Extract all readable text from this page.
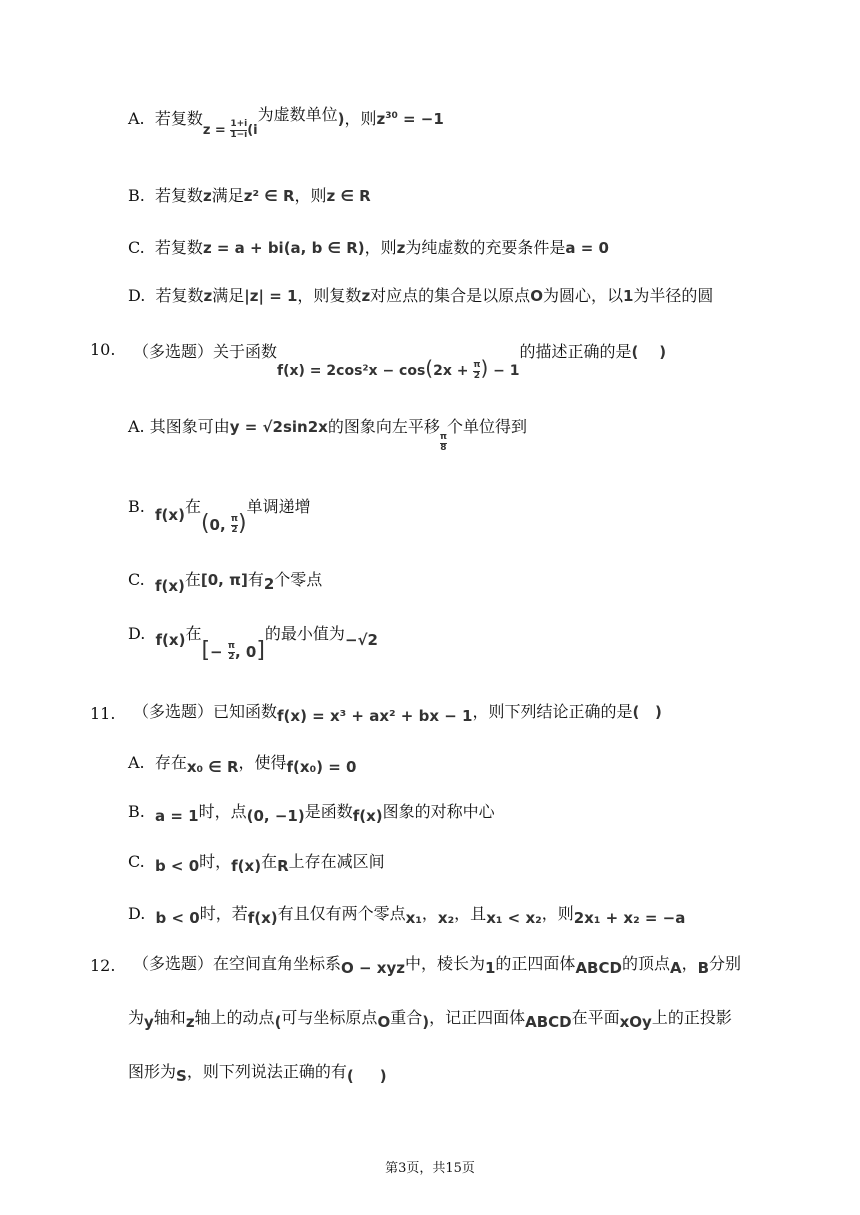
A.  若复数$_{z = \frac{1+i}{1-i} (i}$为虚数单位)，则$z^{30} = -1$
B.  若复数z满足z² ∈ R，则z ∈ R
C.  若复数z = a + bi(a, b ∈ R)，则z为纯虚数的充要条件是a = 0
D.  若复数z满足|z| = 1，则复数z对应点的集合是以原点O为圆心，以1为半径的圆
10. （多选题）关于函数$f(x) = 2\cos^2x - \cos(2x + \frac{\pi}{2}$ ) − 1的描述正确的是(    )
A. 其图象可由y = √2sin2x的图象向左平移
$\frac{\pi}{8}$
个单位得到
B.  f(x)在(0, $\frac{\pi}{2}$ )单调递增
C.  f(x)在[0, π]有2个零点
D.  f(x)在[− $\frac{\pi}{2}$ , 0]的最小值为−√2
11. （多选题）已知函数f(x) = x³ + ax² + bx − 1，则下列结论正确的是(   )
A.  存在x₀ ∈ R，使得f(x₀) = 0
B.  a = 1时，点(0, −1)是函数f(x)图象的对称中心
C.  b < 0时，f(x)在R上存在减区间
D.  b < 0时，若f(x)有且仅有两个零点x₁，x₂，且x₁ < x₂，则2x₁ + x₂ = −a
12. （多选题）在空间直角坐标系O − xyz中，棱长为1的正四面体ABCD的顶点A，B分别
为y轴和z轴上的动点(可与坐标原点O重合)，记正四面体ABCD在平面xOy上的正投影
图形为S，则下列说法正确的有(     )
第3页，共15页
